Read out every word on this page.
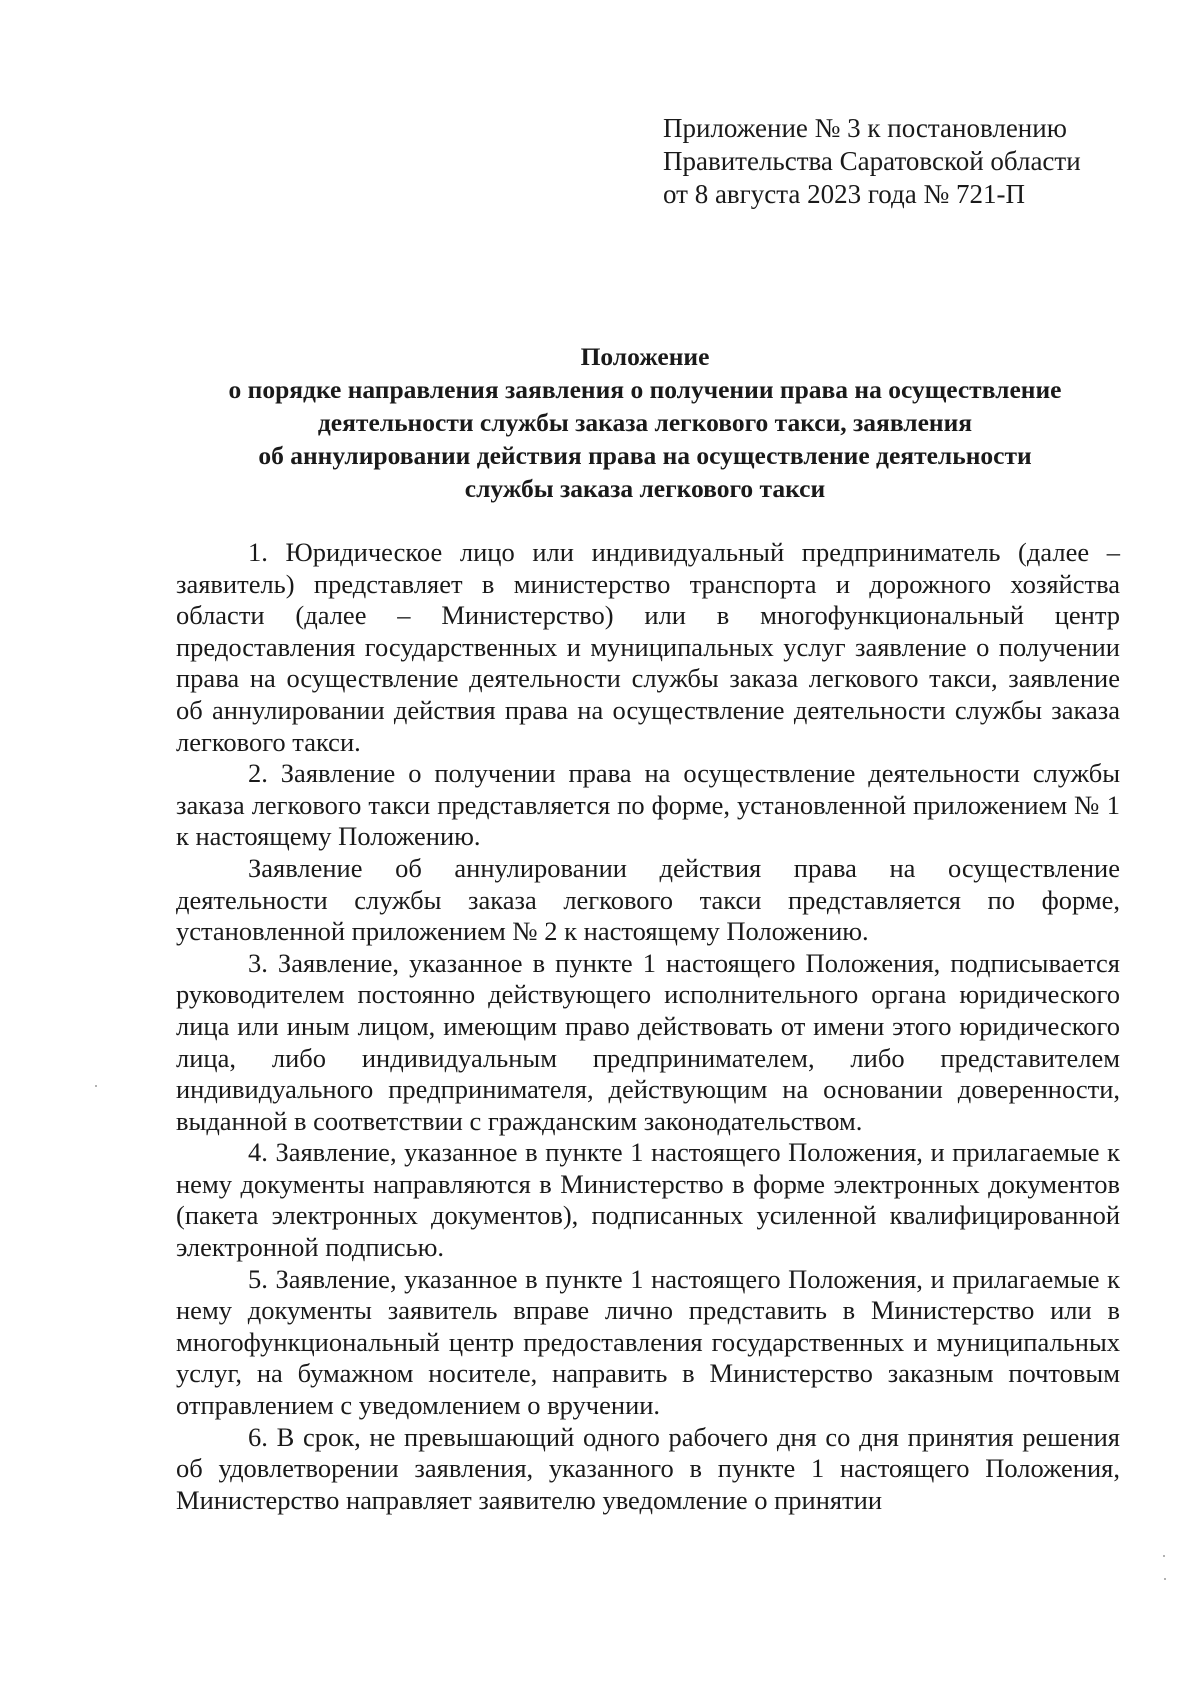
Приложение № 3 к постановлению
Правительства Саратовской области
от 8 августа 2023 года № 721-П
Положение
о порядке направления заявления о получении права на осуществление
деятельности службы заказа легкового такси, заявления
об аннулировании действия права на осуществление деятельности
службы заказа легкового такси

1. Юридическое лицо или индивидуальный предприниматель (далее – заявитель) представляет в министерство транспорта и дорожного хозяйства области (далее – Министерство) или в многофункциональный центр предоставления государственных и муниципальных услуг заявление о получении права на осуществление деятельности службы заказа легкового такси, заявление об аннулировании действия права на осуществление деятельности службы заказа легкового такси.

2. Заявление о получении права на осуществление деятельности службы заказа легкового такси представляется по форме, установленной приложением № 1 к настоящему Положению.

Заявление об аннулировании действия права на осуществление деятельности службы заказа легкового такси представляется по форме, установленной приложением № 2 к настоящему Положению.

3. Заявление, указанное в пункте 1 настоящего Положения, подписывается руководителем постоянно действующего исполнительного органа юридического лица или иным лицом, имеющим право действовать от имени этого юридического лица, либо индивидуальным предпринимателем, либо представителем индивидуального предпринимателя, действующим на основании доверенности, выданной в соответствии с гражданским законодательством.

4. Заявление, указанное в пункте 1 настоящего Положения, и прилагаемые к нему документы направляются в Министерство в форме электронных документов (пакета электронных документов), подписанных усиленной квалифицированной электронной подписью.

5. Заявление, указанное в пункте 1 настоящего Положения, и прилагаемые к нему документы заявитель вправе лично представить в Министерство или в многофункциональный центр предоставления государственных и муниципальных услуг, на бумажном носителе, направить в Министерство заказным почтовым отправлением с уведомлением о вручении.

6. В срок, не превышающий одного рабочего дня со дня принятия решения об удовлетворении заявления, указанного в пункте 1 настоящего Положения, Министерство направляет заявителю уведомление о принятии
